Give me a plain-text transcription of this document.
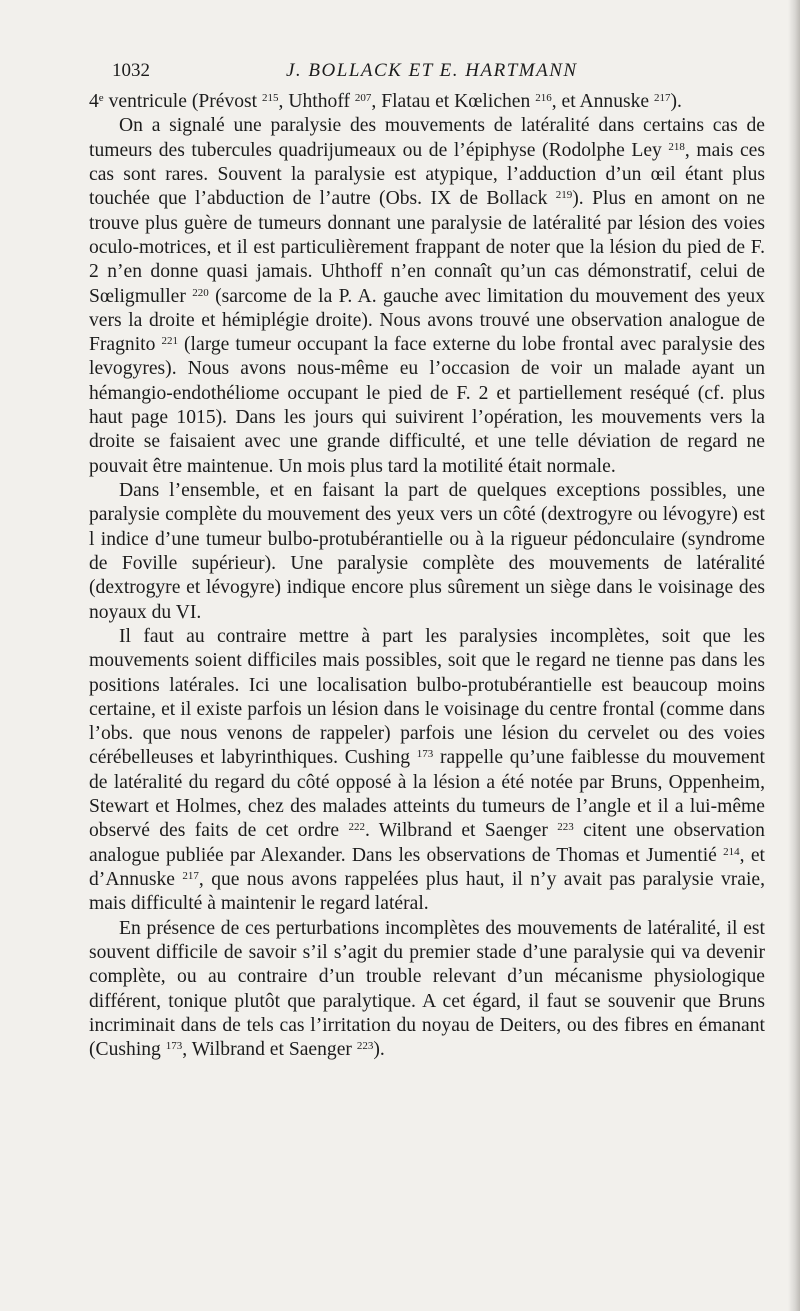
1032	J. BOLLACK ET E. HARTMANN

4e ventricule (Prévost $^{215}$, Uhthoff $^{207}$, Flatau et Kœlichen $^{216}$, et Annuske $^{217}$).

On a signalé une paralysie des mouvements de latéralité dans certains cas de tumeurs des tubercules quadrijumeaux ou de l’épiphyse (Rodolphe Ley $^{218}$, mais ces cas sont rares. Souvent la paralysie est atypique, l’adduction d’un œil étant plus touchée que l’abduction de l’autre (Obs. IX de Bollack $^{219}$). Plus en amont on ne trouve plus guère de tumeurs donnant une paralysie de latéralité par lésion des voies oculo-motrices, et il est particulièrement frappant de noter que la lésion du pied de F. 2 n’en donne quasi jamais. Uhthoff n’en connaît qu’un cas démonstratif, celui de Sœligmuller $^{220}$ (sarcome de la P. A. gauche avec limitation du mouvement des yeux vers la droite et hémiplégie droite). Nous avons trouvé une observation analogue de Fragnito $^{221}$ (large tumeur occupant la face externe du lobe frontal avec paralysie des levogyres). Nous avons nous-même eu l’occasion de voir un malade ayant un hémangio-endothéliome occupant le pied de F. 2 et partiellement reséqué (cf. plus haut page 1015). Dans les jours qui suivirent l’opération, les mouvements vers la droite se faisaient avec une grande difficulté, et une telle déviation de regard ne pouvait être maintenue. Un mois plus tard la motilité était normale.

Dans l’ensemble, et en faisant la part de quelques exceptions possibles, une paralysie complète du mouvement des yeux vers un côté (dextrogyre ou lévogyre) est l indice d’une tumeur bulbo-protubérantielle ou à la rigueur pédonculaire (syndrome de Foville supérieur). Une paralysie complète des mouvements de latéralité (dextrogyre et lévogyre) indique encore plus sûrement un siège dans le voisinage des noyaux du VI.

Il faut au contraire mettre à part les paralysies incomplètes, soit que les mouvements soient difficiles mais possibles, soit que le regard ne tienne pas dans les positions latérales. Ici une localisation bulbo-protubérantielle est beaucoup moins certaine, et il existe parfois un lésion dans le voisinage du centre frontal (comme dans l’obs. que nous venons de rappeler) parfois une lésion du cervelet ou des voies cérébelleuses et labyrinthiques. Cushing $^{173}$ rappelle qu’une faiblesse du mouvement de latéralité du regard du côté opposé à la lésion a été notée par Bruns, Oppenheim, Stewart et Holmes, chez des malades atteints du tumeurs de l’angle et il a lui-même observé des faits de cet ordre $^{222}$. Wilbrand et Saenger $^{223}$ citent une observation analogue publiée par Alexander. Dans les observations de Thomas et Jumentié $^{214}$, et d’Annuske $^{217}$, que nous avons rappelées plus haut, il n’y avait pas paralysie vraie, mais difficulté à maintenir le regard latéral.

En présence de ces perturbations incomplètes des mouvements de latéralité, il est souvent difficile de savoir s’il s’agit du premier stade d’une paralysie qui va devenir complète, ou au contraire d’un trouble relevant d’un mécanisme physiologique différent, tonique plutôt que paralytique. A cet égard, il faut se souvenir que Bruns incriminait dans de tels cas l’irritation du noyau de Deiters, ou des fibres en émanant (Cushing $^{173}$, Wilbrand et Saenger $^{223}$).
